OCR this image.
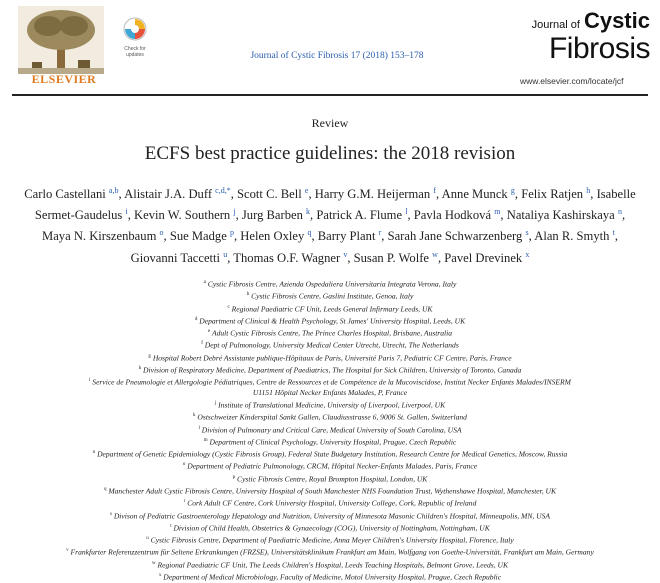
ELSEVIER
Check for updates	Journal of Cystic Fibrosis 17 (2018) 153–178
Journal of Cystic
Fibrosis
www.elsevier.com/locate/jcf
Review
ECFS best practice guidelines: the 2018 revision
Carlo Castellani $^{a,b}$, Alistair J.A. Duff $^{c,d,*}$, Scott C. Bell $^e$, Harry G.M. Heijerman $^f$, Anne Munck $^g$, Felix Ratjen $^h$, Isabelle Sermet-Gaudelus $^i$, Kevin W. Southern $^j$, Jurg Barben $^k$, Patrick A. Flume $^l$, Pavla Hodková $^m$, Nataliya Kashirskaya $^n$, Maya N. Kirszenbaum $^o$, Sue Madge $^p$, Helen Oxley $^q$, Barry Plant $^r$, Sarah Jane Schwarzenberg $^s$, Alan R. Smyth $^t$, Giovanni Taccetti $^u$, Thomas O.F. Wagner $^v$, Susan P. Wolfe $^w$, Pavel Drevinek $^x$
$^a$ Cystic Fibrosis Centre, Azienda Ospedaliera Universitaria Integrata Verona, Italy
$^b$ Cystic Fibrosis Centre, Gaslini Institute, Genoa, Italy
$^c$ Regional Paediatric CF Unit, Leeds General Infirmary Leeds, UK
$^d$ Department of Clinical & Health Psychology, St James' University Hospital, Leeds, UK
$^e$ Adult Cystic Fibrosis Centre, The Prince Charles Hospital, Brisbane, Australia
$^f$ Dept of Pulmonology, University Medical Center Utrecht, Utrecht, The Netherlands
$^g$ Hospital Robert Debré Assistante publique-Hôpitaux de Paris, Université Paris 7, Pediatric CF Centre, Paris, France
$^h$ Division of Respiratory Medicine, Department of Paediatrics, The Hospital for Sick Children, University of Toronto, Canada
$^i$ Service de Pneumologie et Allergologie Pédiatriques, Centre de Ressources et de Compétence de la Mucoviscidose, Institut Necker Enfants Malades/INSERM
U1151 Hôpital Necker Enfants Malades, P, France
$^j$ Institute of Translational Medicine, University of Liverpool, Liverpool, UK
$^k$ Ostschweizer Kinderspital Sankt Gallen, Claudiusstrasse 6, 9006 St. Gallen, Switzerland
$^l$ Division of Pulmonary and Critical Care, Medical University of South Carolina, USA
$^m$ Department of Clinical Psychology, University Hospital, Prague, Czech Republic
$^n$ Department of Genetic Epidemiology (Cystic Fibrosis Group), Federal State Budgetary Institution, Research Centre for Medical Genetics, Moscow, Russia
$^o$ Department of Pediatric Pulmonology, CRCM, Hôpital Necker-Enfants Malades, Paris, France
$^p$ Cystic Fibrosis Centre, Royal Brompton Hospital, London, UK
$^q$ Manchester Adult Cystic Fibrosis Centre, University Hospital of South Manchester NHS Foundation Trust, Wythenshawe Hospital, Manchester, UK
$^r$ Cork Adult CF Centre, Cork University Hospital, University College, Cork, Republic of Ireland
$^s$ Divison of Pediatric Gastroenterology Hepatology and Nutrition, University of Minnesota Masonic Children's Hospital, Minneapolis, MN, USA
$^t$ Division of Child Health, Obstetrics & Gynaecology (COG), University of Nottingham, Nottingham, UK
$^u$ Cystic Fibrosis Centre, Department of Paediatric Medicine, Anna Meyer Children's University Hospital, Florence, Italy
$^v$ Frankfurter Referenzzentrum für Seltene Erkrankungen (FRZSE), Universitätsklinikum Frankfurt am Main, Wolfgang von Goethe-Universität, Frankfurt am Main, Germany
$^w$ Regional Paediatric CF Unit, The Leeds Children's Hospital, Leeds Teaching Hospitals, Belmont Grove, Leeds, UK
$^x$ Department of Medical Microbiology, Faculty of Medicine, Motol University Hospital, Prague, Czech Republic
